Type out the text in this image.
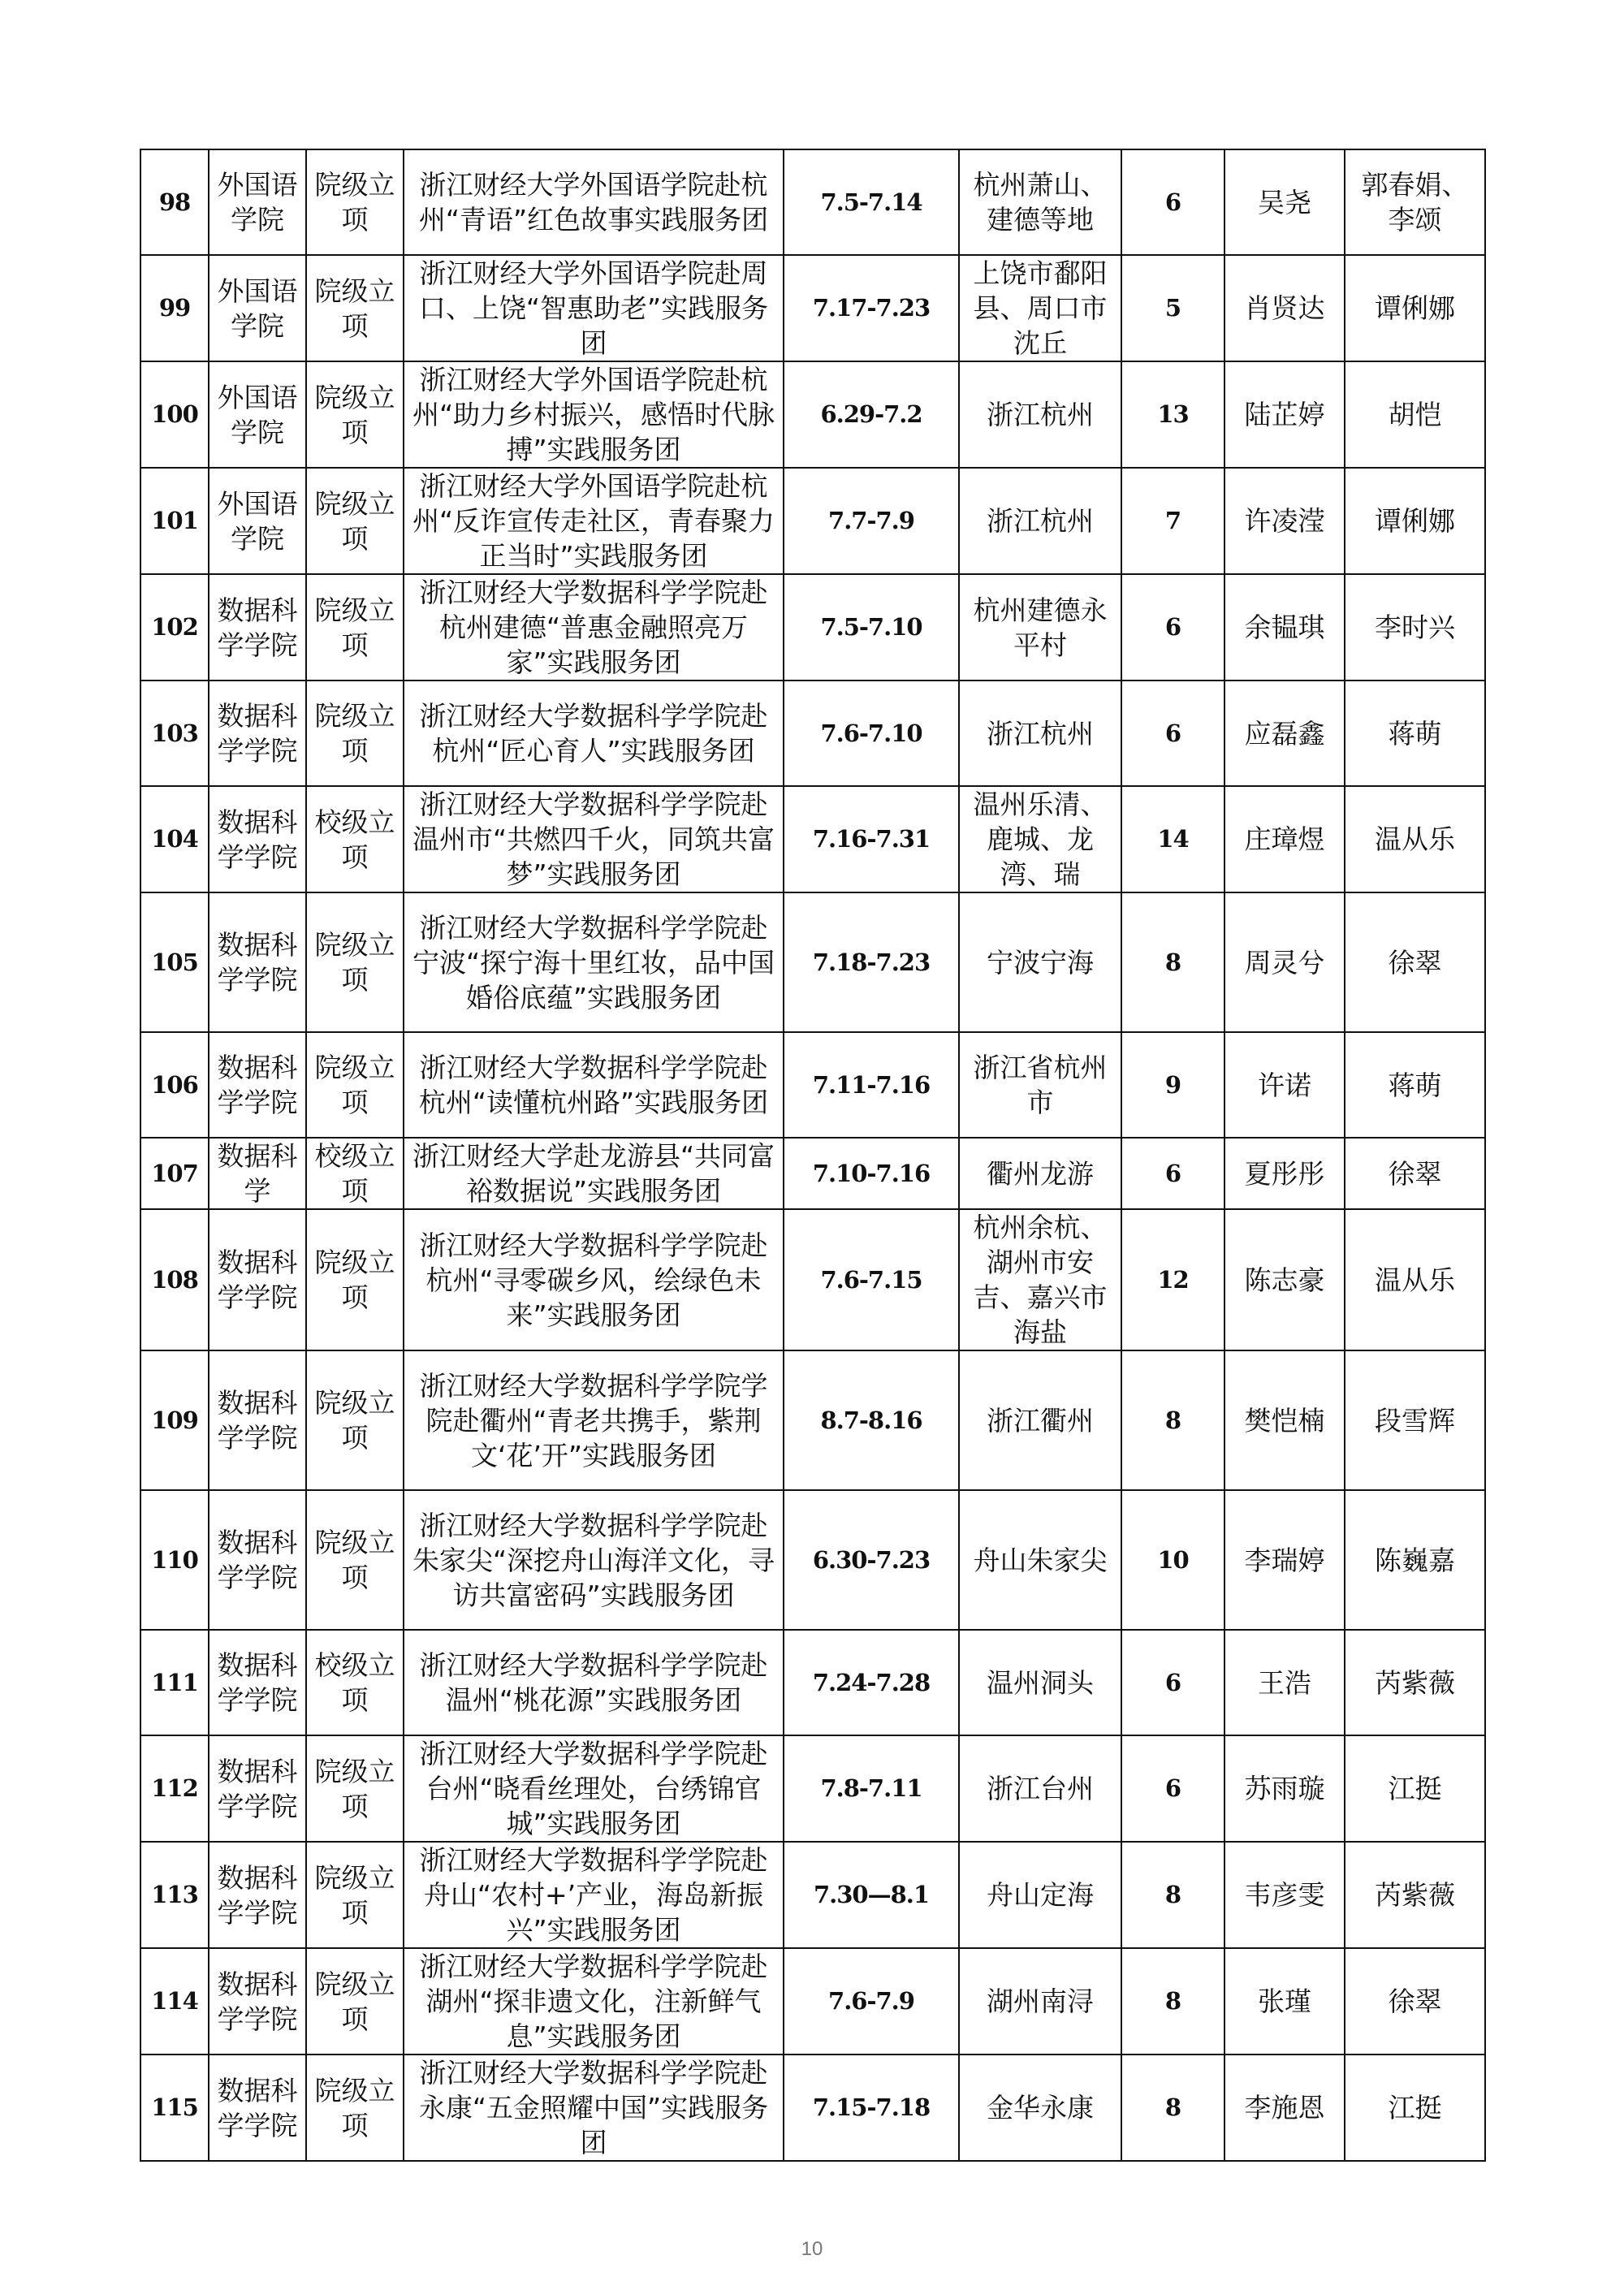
98	外国语学院	院级立项	浙江财经大学外国语学院赴杭州“青语”红色故事实践服务团	7.5-7.14	杭州萧山、建德等地	6	吴尧	郭春娟、李颂
99	外国语学院	院级立项	浙江财经大学外国语学院赴周口、上饶“智惠助老”实践服务团	7.17-7.23	上饶市鄱阳县、周口市沈丘	5	肖贤达	谭俐娜
100	外国语学院	院级立项	浙江财经大学外国语学院赴杭州“助力乡村振兴，感悟时代脉搏”实践服务团	6.29-7.2	浙江杭州	13	陆芷婷	胡恺
101	外国语学院	院级立项	浙江财经大学外国语学院赴杭州“反诈宣传走社区，青春聚力正当时”实践服务团	7.7-7.9	浙江杭州	7	许凌滢	谭俐娜
102	数据科学学院	院级立项	浙江财经大学数据科学学院赴杭州建德“普惠金融照亮万家”实践服务团	7.5-7.10	杭州建德永平村	6	余韫琪	李时兴
103	数据科学学院	院级立项	浙江财经大学数据科学学院赴杭州“匠心育人”实践服务团	7.6-7.10	浙江杭州	6	应磊鑫	蒋萌
104	数据科学学院	校级立项	浙江财经大学数据科学学院赴温州市“共燃四千火，同筑共富梦”实践服务团	7.16-7.31	温州乐清、鹿城、龙湾、瑞	14	庄璋煜	温从乐
105	数据科学学院	院级立项	浙江财经大学数据科学学院赴宁波“探宁海十里红妆，品中国婚俗底蕴”实践服务团	7.18-7.23	宁波宁海	8	周灵兮	徐翠
106	数据科学学院	院级立项	浙江财经大学数据科学学院赴杭州“读懂杭州路”实践服务团	7.11-7.16	浙江省杭州市	9	许诺	蒋萌
107	数据科学	校级立项	浙江财经大学赴龙游县“共同富裕数据说”实践服务团	7.10-7.16	衢州龙游	6	夏彤彤	徐翠
108	数据科学学院	院级立项	浙江财经大学数据科学学院赴杭州“寻零碳乡风，绘绿色未来”实践服务团	7.6-7.15	杭州余杭、湖州市安吉、嘉兴市海盐	12	陈志豪	温从乐
109	数据科学学院	院级立项	浙江财经大学数据科学学院学院赴衢州“青老共携手，紫荆文‘花’开”实践服务团	8.7-8.16	浙江衢州	8	樊恺楠	段雪辉
110	数据科学学院	院级立项	浙江财经大学数据科学学院赴朱家尖“深挖舟山海洋文化，寻访共富密码”实践服务团	6.30-7.23	舟山朱家尖	10	李瑞婷	陈巍嘉
111	数据科学学院	校级立项	浙江财经大学数据科学学院赴温州“桃花源”实践服务团	7.24-7.28	温州洞头	6	王浩	芮紫薇
112	数据科学学院	院级立项	浙江财经大学数据科学学院赴台州“晓看丝理处，台绣锦官城”实践服务团	7.8-7.11	浙江台州	6	苏雨璇	江挺
113	数据科学学院	院级立项	浙江财经大学数据科学学院赴舟山“农村+’产业，海岛新振兴”实践服务团	7.30—8.1	舟山定海	8	韦彦雯	芮紫薇
114	数据科学学院	院级立项	浙江财经大学数据科学学院赴湖州“探非遗文化，注新鲜气息”实践服务团	7.6-7.9	湖州南浔	8	张瑾	徐翠
115	数据科学学院	院级立项	浙江财经大学数据科学学院赴永康“五金照耀中国”实践服务团	7.15-7.18	金华永康	8	李施恩	江挺
10
